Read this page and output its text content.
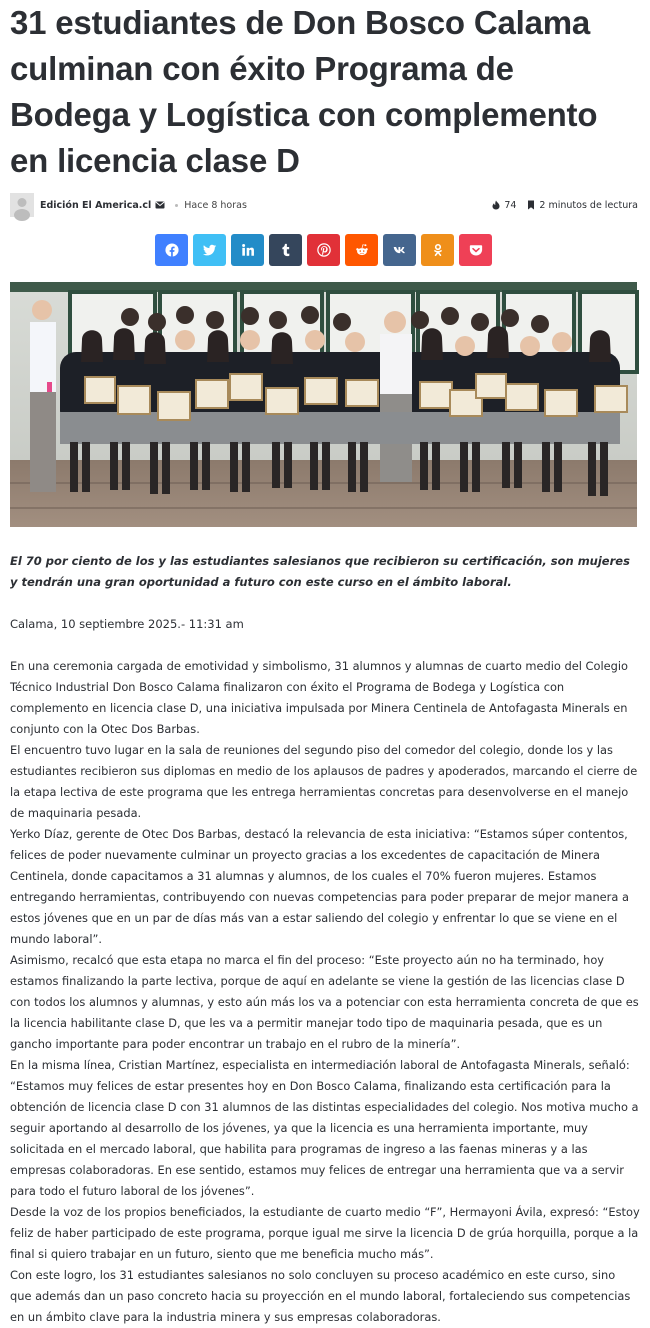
31 estudiantes de Don Bosco Calama culminan con éxito Programa de Bodega y Logística con complemento en licencia clase D
Edición El America.cl	Hace 8 horas	74 2 minutos de lectura

El 70 por ciento de los y las estudiantes salesianos que recibieron su certificación, son mujeres y tendrán una gran oportunidad a futuro con este curso en el ámbito laboral.

Calama, 10 septiembre 2025.- 11:31 am

En una ceremonia cargada de emotividad y simbolismo, 31 alumnos y alumnas de cuarto medio del Colegio Técnico Industrial Don Bosco Calama finalizaron con éxito el Programa de Bodega y Logística con complemento en licencia clase D, una iniciativa impulsada por Minera Centinela de Antofagasta Minerals en conjunto con la Otec Dos Barbas.

El encuentro tuvo lugar en la sala de reuniones del segundo piso del comedor del colegio, donde los y las estudiantes recibieron sus diplomas en medio de los aplausos de padres y apoderados, marcando el cierre de la etapa lectiva de este programa que les entrega herramientas concretas para desenvolverse en el manejo de maquinaria pesada.

Yerko Díaz, gerente de Otec Dos Barbas, destacó la relevancia de esta iniciativa: “Estamos súper contentos, felices de poder nuevamente culminar un proyecto gracias a los excedentes de capacitación de Minera Centinela, donde capacitamos a 31 alumnas y alumnos, de los cuales el 70% fueron mujeres. Estamos entregando herramientas, contribuyendo con nuevas competencias para poder preparar de mejor manera a estos jóvenes que en un par de días más van a estar saliendo del colegio y enfrentar lo que se viene en el mundo laboral”.

Asimismo, recalcó que esta etapa no marca el fin del proceso: “Este proyecto aún no ha terminado, hoy estamos finalizando la parte lectiva, porque de aquí en adelante se viene la gestión de las licencias clase D con todos los alumnos y alumnas, y esto aún más los va a potenciar con esta herramienta concreta de que es la licencia habilitante clase D, que les va a permitir manejar todo tipo de maquinaria pesada, que es un gancho importante para poder encontrar un trabajo en el rubro de la minería”.

En la misma línea, Cristian Martínez, especialista en intermediación laboral de Antofagasta Minerals, señaló: “Estamos muy felices de estar presentes hoy en Don Bosco Calama, finalizando esta certificación para la obtención de licencia clase D con 31 alumnos de las distintas especialidades del colegio. Nos motiva mucho a seguir aportando al desarrollo de los jóvenes, ya que la licencia es una herramienta importante, muy solicitada en el mercado laboral, que habilita para programas de ingreso a las faenas mineras y a las empresas colaboradoras. En ese sentido, estamos muy felices de entregar una herramienta que va a servir para todo el futuro laboral de los jóvenes”.

Desde la voz de los propios beneficiados, la estudiante de cuarto medio “F”, Hermayoni Ávila, expresó: “Estoy feliz de haber participado de este programa, porque igual me sirve la licencia D de grúa horquilla, porque a la final si quiero trabajar en un futuro, siento que me beneficia mucho más”.

Con este logro, los 31 estudiantes salesianos no solo concluyen su proceso académico en este curso, sino que además dan un paso concreto hacia su proyección en el mundo laboral, fortaleciendo sus competencias en un ámbito clave para la industria minera y sus empresas colaboradoras.
